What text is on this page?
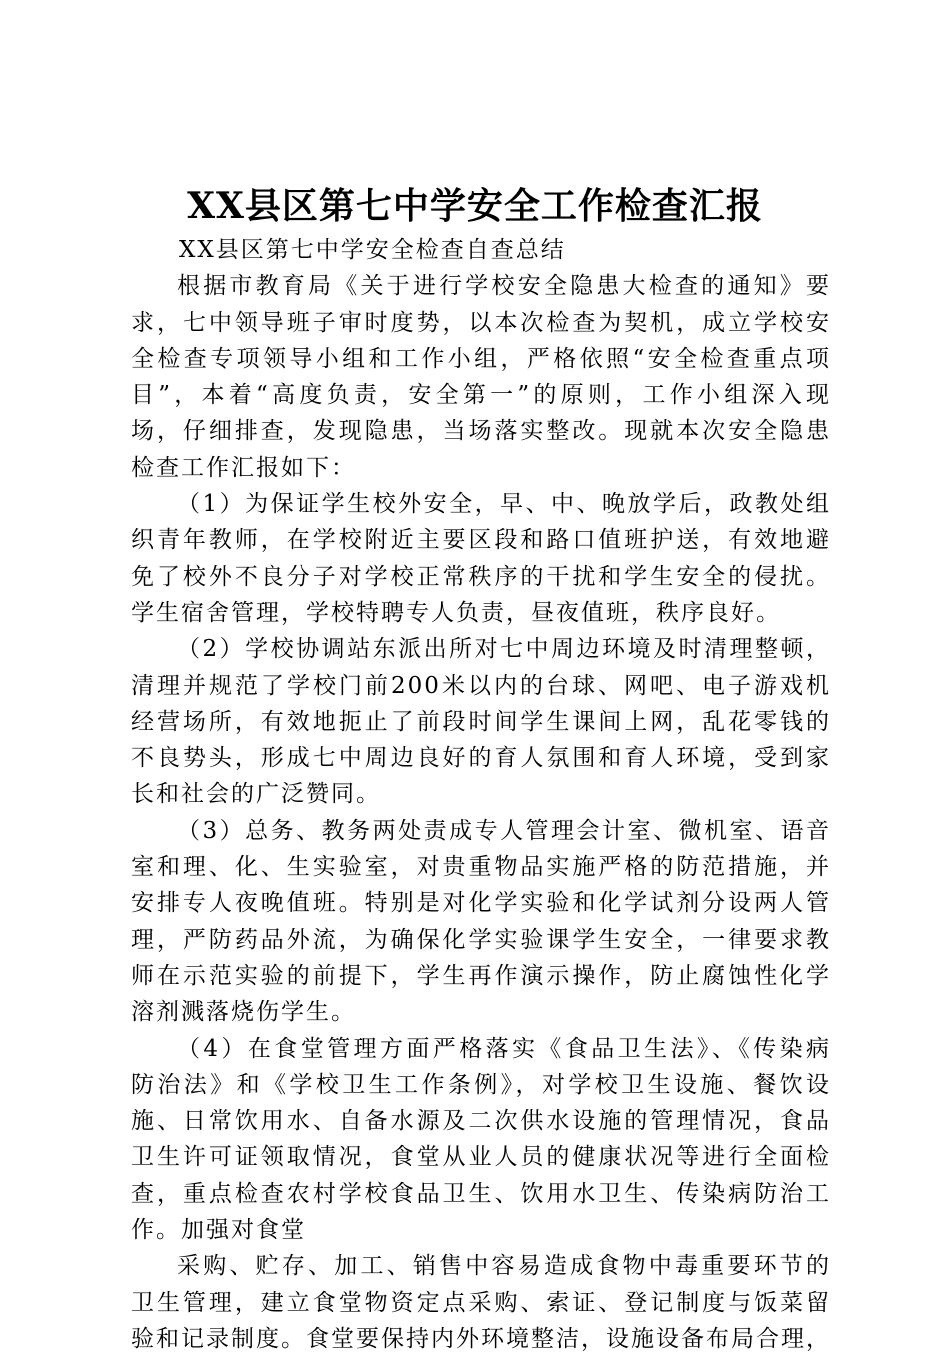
XX县区第七中学安全工作检查汇报
XX县区第七中学安全检查自查总结
根据市教育局《关于进行学校安全隐患大检查的通知》要
求，七中领导班子审时度势，以本次检查为契机，成立学校安
全检查专项领导小组和工作小组，严格依照“安全检查重点项
目”，本着“高度负责，安全第一”的原则，工作小组深入现
场，仔细排查，发现隐患，当场落实整改。现就本次安全隐患
检查工作汇报如下：
（1）为保证学生校外安全，早、中、晚放学后，政教处组
织青年教师，在学校附近主要区段和路口值班护送，有效地避
免了校外不良分子对学校正常秩序的干扰和学生安全的侵扰。
学生宿舍管理，学校特聘专人负责，昼夜值班，秩序良好。
（2）学校协调站东派出所对七中周边环境及时清理整顿，
清理并规范了学校门前200米以内的台球、网吧、电子游戏机
经营场所，有效地扼止了前段时间学生课间上网，乱花零钱的
不良势头，形成七中周边良好的育人氛围和育人环境，受到家
长和社会的广泛赞同。
（3）总务、教务两处责成专人管理会计室、微机室、语音
室和理、化、生实验室，对贵重物品实施严格的防范措施，并
安排专人夜晚值班。特别是对化学实验和化学试剂分设两人管
理，严防药品外流，为确保化学实验课学生安全，一律要求教
师在示范实验的前提下，学生再作演示操作，防止腐蚀性化学
溶剂溅落烧伤学生。
（4）在食堂管理方面严格落实《食品卫生法》、《传染病
防治法》和《学校卫生工作条例》，对学校卫生设施、餐饮设
施、日常饮用水、自备水源及二次供水设施的管理情况，食品
卫生许可证领取情况，食堂从业人员的健康状况等进行全面检
查，重点检查农村学校食品卫生、饮用水卫生、传染病防治工
作。加强对食堂
采购、贮存、加工、销售中容易造成食物中毒重要环节的
卫生管理，建立食堂物资定点采购、索证、登记制度与饭菜留
验和记录制度。食堂要保持内外环境整洁，设施设备布局合理，
